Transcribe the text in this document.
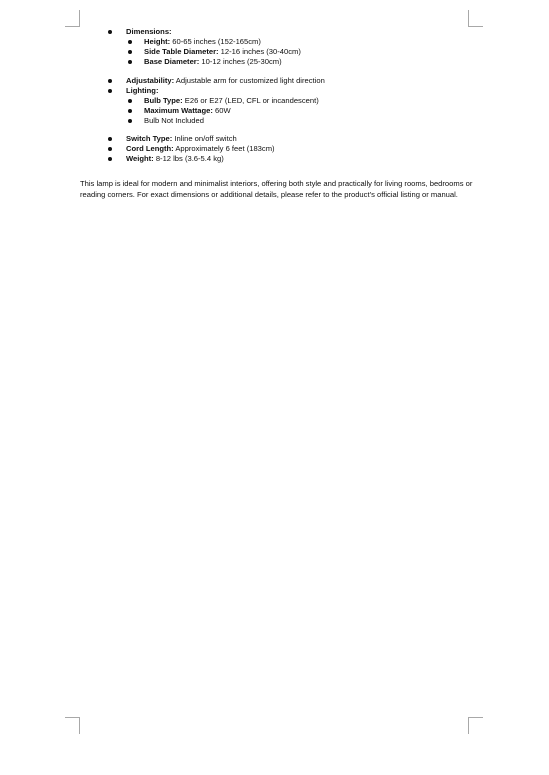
Dimensions:
Height: 60-65 inches (152-165cm)
Side Table Diameter: 12-16 inches (30-40cm)
Base Diameter: 10-12 inches (25-30cm)
Adjustability: Adjustable arm for customized light direction
Lighting:
Bulb Type: E26 or E27 (LED, CFL or incandescent)
Maximum Wattage: 60W
Bulb Not Included
Switch Type: Inline on/off switch
Cord Length: Approximately 6 feet (183cm)
Weight: 8-12 lbs (3.6-5.4 kg)

This lamp is ideal for modern and minimalist interiors, offering both style and practically for living rooms, bedrooms or reading corners. For exact dimensions or additional details, please refer to the product’s official listing or manual.
